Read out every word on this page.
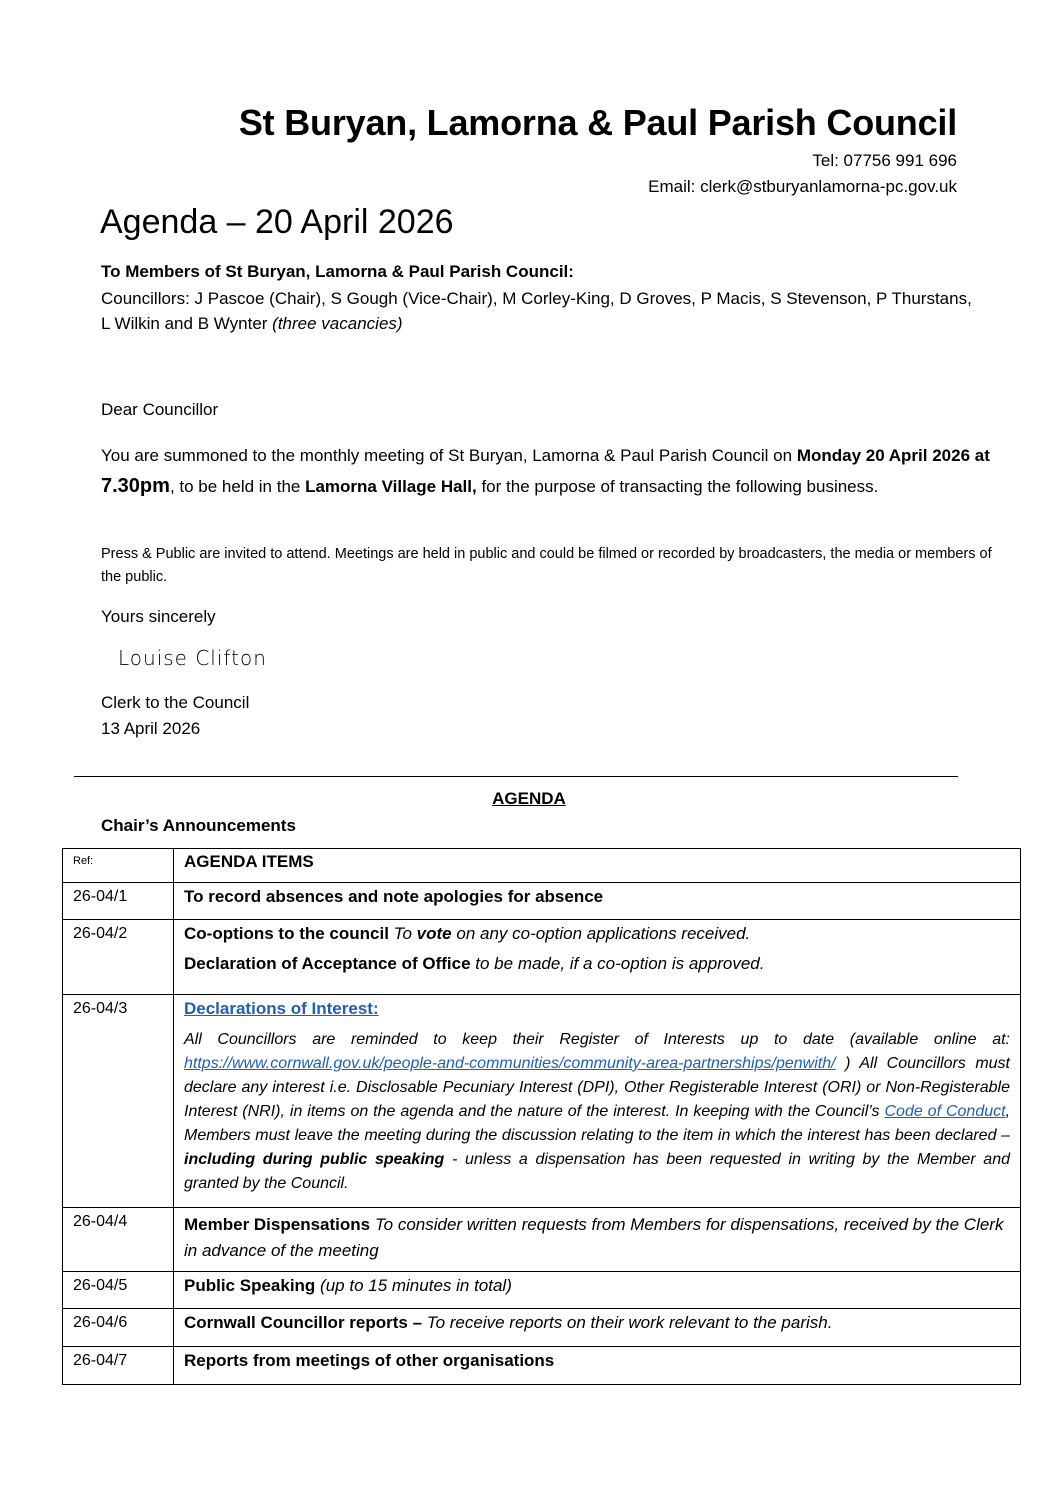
St Buryan, Lamorna & Paul Parish Council
Tel: 07756 991 696
Email: clerk@stburyanlamorna-pc.gov.uk
Agenda – 20 April 2026
To Members of St Buryan, Lamorna & Paul Parish Council:
Councillors: J Pascoe (Chair), S Gough (Vice-Chair), M Corley-King, D Groves, P Macis, S Stevenson, P Thurstans, L Wilkin and B Wynter (three vacancies)
Dear Councillor
You are summoned to the monthly meeting of St Buryan, Lamorna & Paul Parish Council on Monday 20 April 2026 at 7.30pm, to be held in the Lamorna Village Hall, for the purpose of transacting the following business.
Press & Public are invited to attend. Meetings are held in public and could be filmed or recorded by broadcasters, the media or members of the public.
Yours sincerely
Louise Clifton
Clerk to the Council
13 April 2026
AGENDA
Chair’s Announcements
Ref:	AGENDA ITEMS
26-04/1	To record absences and note apologies for absence
26-04/2	Co-options to the council To vote on any co-option applications received.
Declaration of Acceptance of Office to be made, if a co-option is approved.

26-04/3	Declarations of Interest:
All Councillors are reminded to keep their Register of Interests up to date (available online at: https://www.cornwall.gov.uk/people-and-communities/community-area-partnerships/penwith/ ) All Councillors must declare any interest i.e. Disclosable Pecuniary Interest (DPI), Other Registerable Interest (ORI) or Non-Registerable Interest (NRI), in items on the agenda and the nature of the interest. In keeping with the Council’s Code of Conduct, Members must leave the meeting during the discussion relating to the item in which the interest has been declared – including during public speaking - unless a dispensation has been requested in writing by the Member and granted by the Council.

26-04/4	Member Dispensations To consider written requests from Members for dispensations, received by the Clerk in advance of the meeting
26-04/5	Public Speaking (up to 15 minutes in total)
26-04/6	Cornwall Councillor reports – To receive reports on their work relevant to the parish.
26-04/7	Reports from meetings of other organisations
